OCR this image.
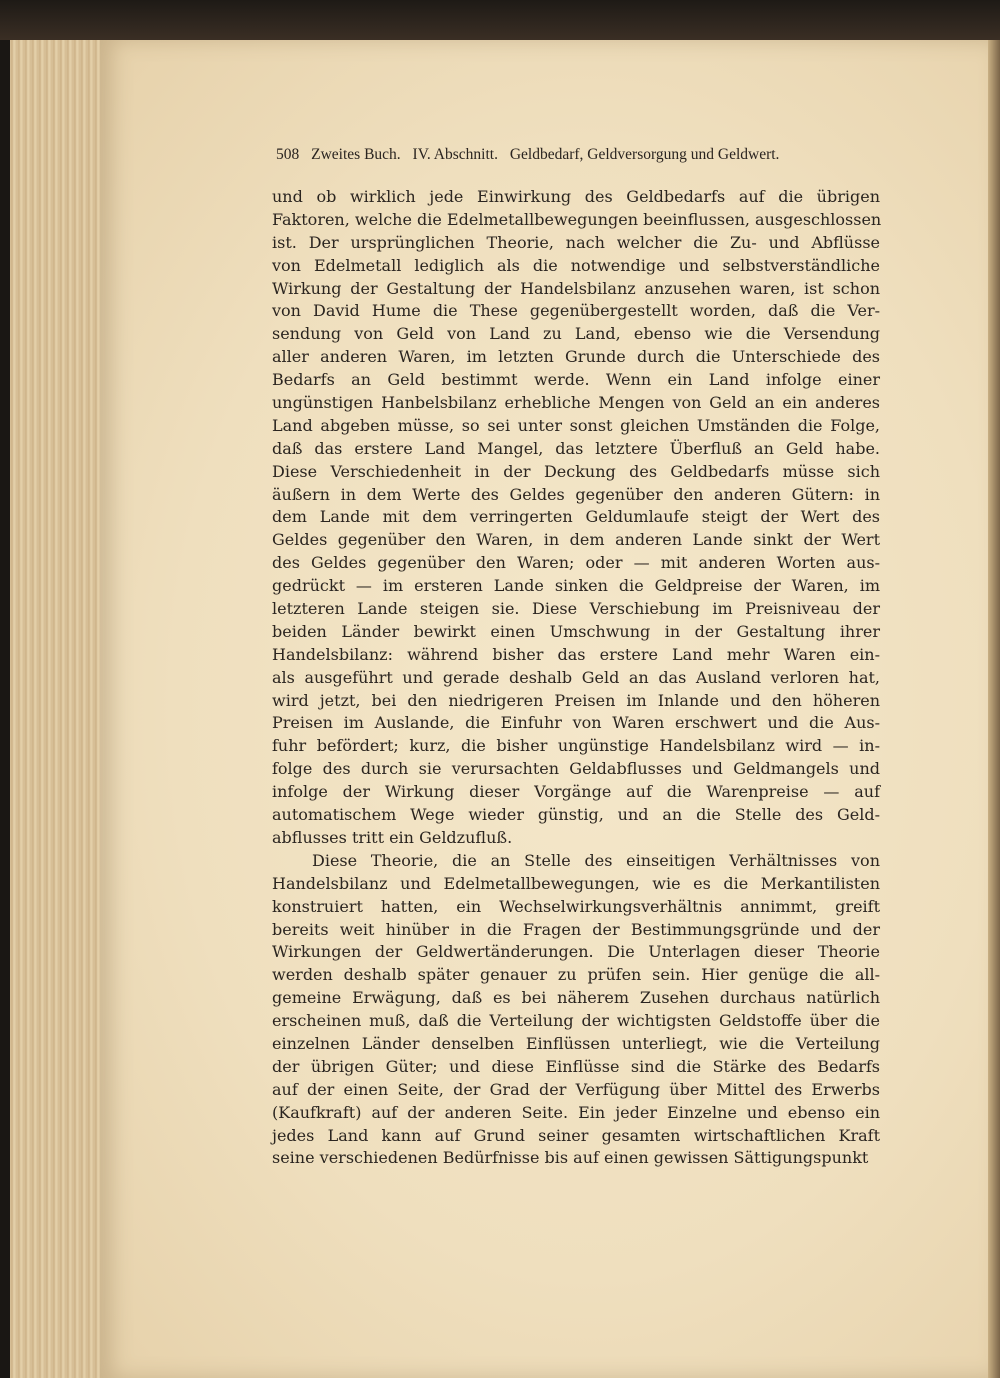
508 Zweites Buch. IV. Abschnitt. Geldbedarf, Geldversorgung und Geldwert.
und ob wirklich jede Einwirkung des Geldbedarfs auf die übrigen
Faktoren, welche die Edelmetallbewegungen beeinflussen, ausgeschlossen
ist. Der ursprünglichen Theorie, nach welcher die Zu- und Abflüsse
von Edelmetall lediglich als die notwendige und selbstverständliche
Wirkung der Gestaltung der Handelsbilanz anzusehen waren, ist schon
von David Hume die These gegenübergestellt worden, daß die Ver-
sendung von Geld von Land zu Land, ebenso wie die Versendung
aller anderen Waren, im letzten Grunde durch die Unterschiede des
Bedarfs an Geld bestimmt werde. Wenn ein Land infolge einer
ungünstigen Hanbelsbilanz erhebliche Mengen von Geld an ein anderes
Land abgeben müsse, so sei unter sonst gleichen Umständen die Folge,
daß das erstere Land Mangel, das letztere Überfluß an Geld habe.
Diese Verschiedenheit in der Deckung des Geldbedarfs müsse sich
äußern in dem Werte des Geldes gegenüber den anderen Gütern: in
dem Lande mit dem verringerten Geldumlaufe steigt der Wert des
Geldes gegenüber den Waren, in dem anderen Lande sinkt der Wert
des Geldes gegenüber den Waren; oder — mit anderen Worten aus-
gedrückt — im ersteren Lande sinken die Geldpreise der Waren, im
letzteren Lande steigen sie. Diese Verschiebung im Preisniveau der
beiden Länder bewirkt einen Umschwung in der Gestaltung ihrer
Handelsbilanz: während bisher das erstere Land mehr Waren ein-
als ausgeführt und gerade deshalb Geld an das Ausland verloren hat,
wird jetzt, bei den niedrigeren Preisen im Inlande und den höheren
Preisen im Auslande, die Einfuhr von Waren erschwert und die Aus-
fuhr befördert; kurz, die bisher ungünstige Handelsbilanz wird — in-
folge des durch sie verursachten Geldabflusses und Geldmangels und
infolge der Wirkung dieser Vorgänge auf die Warenpreise — auf
automatischem Wege wieder günstig, und an die Stelle des Geld-
abflusses tritt ein Geldzufluß.
Diese Theorie, die an Stelle des einseitigen Verhältnisses von
Handelsbilanz und Edelmetallbewegungen, wie es die Merkantilisten
konstruiert hatten, ein Wechselwirkungsverhältnis annimmt, greift
bereits weit hinüber in die Fragen der Bestimmungsgründe und der
Wirkungen der Geldwertänderungen. Die Unterlagen dieser Theorie
werden deshalb später genauer zu prüfen sein. Hier genüge die all-
gemeine Erwägung, daß es bei näherem Zusehen durchaus natürlich
erscheinen muß, daß die Verteilung der wichtigsten Geldstoffe über die
einzelnen Länder denselben Einflüssen unterliegt, wie die Verteilung
der übrigen Güter; und diese Einflüsse sind die Stärke des Bedarfs
auf der einen Seite, der Grad der Verfügung über Mittel des Erwerbs
(Kaufkraft) auf der anderen Seite. Ein jeder Einzelne und ebenso ein
jedes Land kann auf Grund seiner gesamten wirtschaftlichen Kraft
seine verschiedenen Bedürfnisse bis auf einen gewissen Sättigungspunkt
